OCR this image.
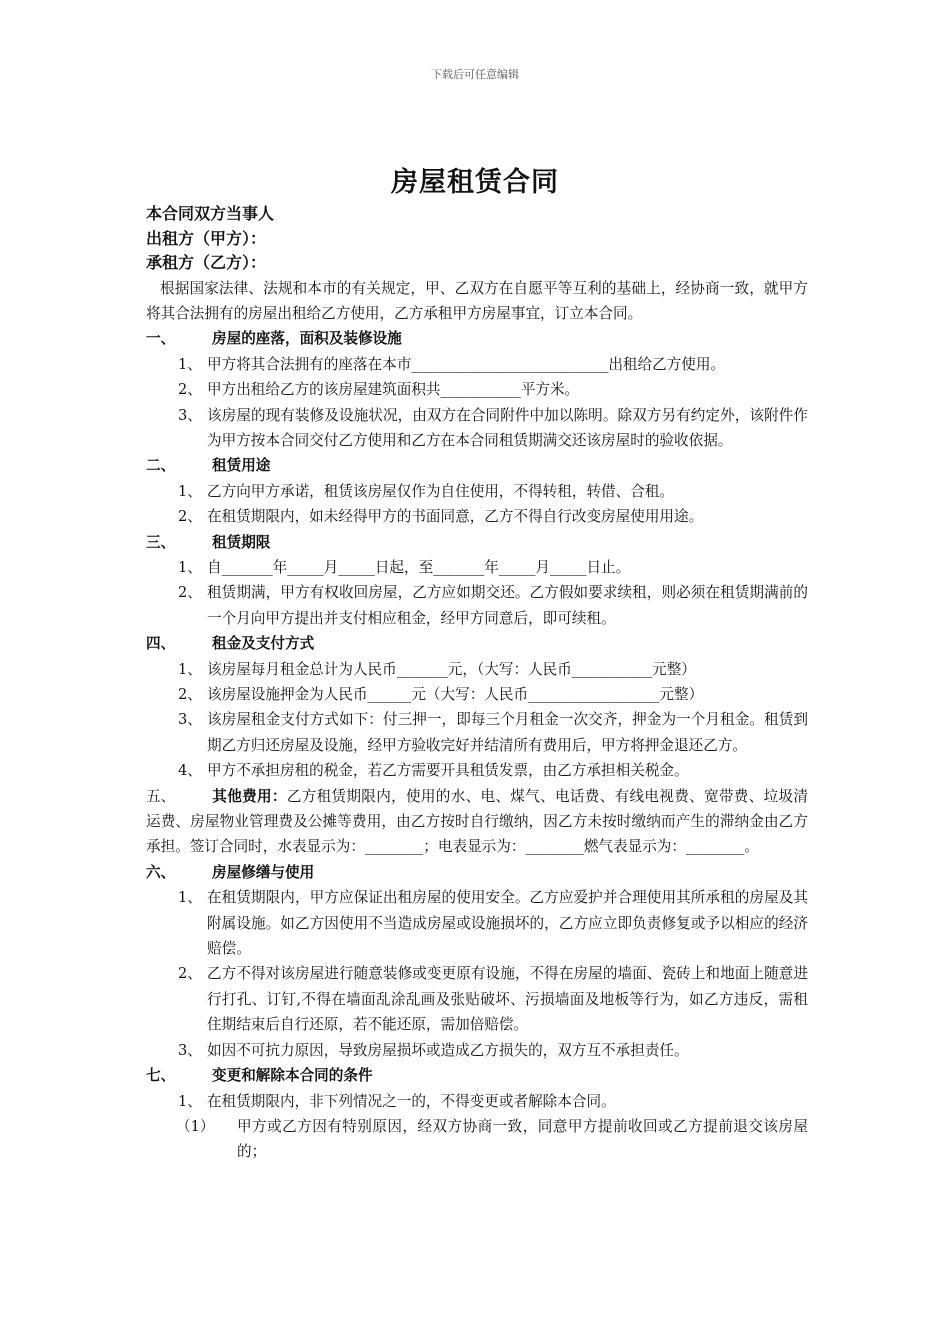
下载后可任意编辑
房屋租赁合同
本合同双方当事人
出租方（甲方）：
承租方（乙方）：
根据国家法律、法规和本市的有关规定，甲、乙双方在自愿平等互利的基础上，经协商一致，就甲方将其合法拥有的房屋出租给乙方使用，乙方承租甲方房屋事宜，订立本合同。
一、	房屋的座落，面积及装修设施
1、 甲方将其合法拥有的座落在本市___________________________出租给乙方使用。
2、 甲方出租给乙方的该房屋建筑面积共___________平方米。
3、 该房屋的现有装修及设施状况，由双方在合同附件中加以陈明。除双方另有约定外，该附件作为甲方按本合同交付乙方使用和乙方在本合同租赁期满交还该房屋时的验收依据。
二、	租赁用途
1、 乙方向甲方承诺，租赁该房屋仅作为自住使用，不得转租，转借、合租。
2、 在租赁期限内，如未经得甲方的书面同意，乙方不得自行改变房屋使用用途。
三、	租赁期限
1、 自_______年_____月_____日起，至_______年_____月_____日止。
2、 租赁期满，甲方有权收回房屋，乙方应如期交还。乙方假如要求续租，则必须在租赁期满前的一个月向甲方提出并支付相应租金，经甲方同意后，即可续租。
四、	租金及支付方式
1、 该房屋每月租金总计为人民币_______元，（大写：人民币___________元整）
2、 该房屋设施押金为人民币______元（大写：人民币__________________元整）
3、 该房屋租金支付方式如下：付三押一，即每三个月租金一次交齐，押金为一个月租金。租赁到期乙方归还房屋及设施，经甲方验收完好并结清所有费用后，甲方将押金退还乙方。
4、 甲方不承担房租的税金，若乙方需要开具租赁发票，由乙方承担相关税金。
五、	其他费用：乙方租赁期限内，使用的水、电、煤气、电话费、有线电视费、宽带费、垃圾清运费、房屋物业管理费及公摊等费用，由乙方按时自行缴纳，因乙方未按时缴纳而产生的滞纳金由乙方承担。签订合同时，水表显示为：________；电表显示为：________燃气表显示为：________。
六、	房屋修缮与使用
1、 在租赁期限内，甲方应保证出租房屋的使用安全。乙方应爱护并合理使用其所承租的房屋及其附属设施。如乙方因使用不当造成房屋或设施损坏的，乙方应立即负责修复或予以相应的经济赔偿。
2、 乙方不得对该房屋进行随意装修或变更原有设施，不得在房屋的墙面、瓷砖上和地面上随意进行打孔、订钉,不得在墙面乱涂乱画及张贴破坏、污损墙面及地板等行为，如乙方违反，需租住期结束后自行还原，若不能还原，需加倍赔偿。
3、 如因不可抗力原因，导致房屋损坏或造成乙方损失的，双方互不承担责任。
七、	变更和解除本合同的条件
1、 在租赁期限内，非下列情况之一的，不得变更或者解除本合同。
（1）	甲方或乙方因有特别原因，经双方协商一致，同意甲方提前收回或乙方提前退交该房屋的；
